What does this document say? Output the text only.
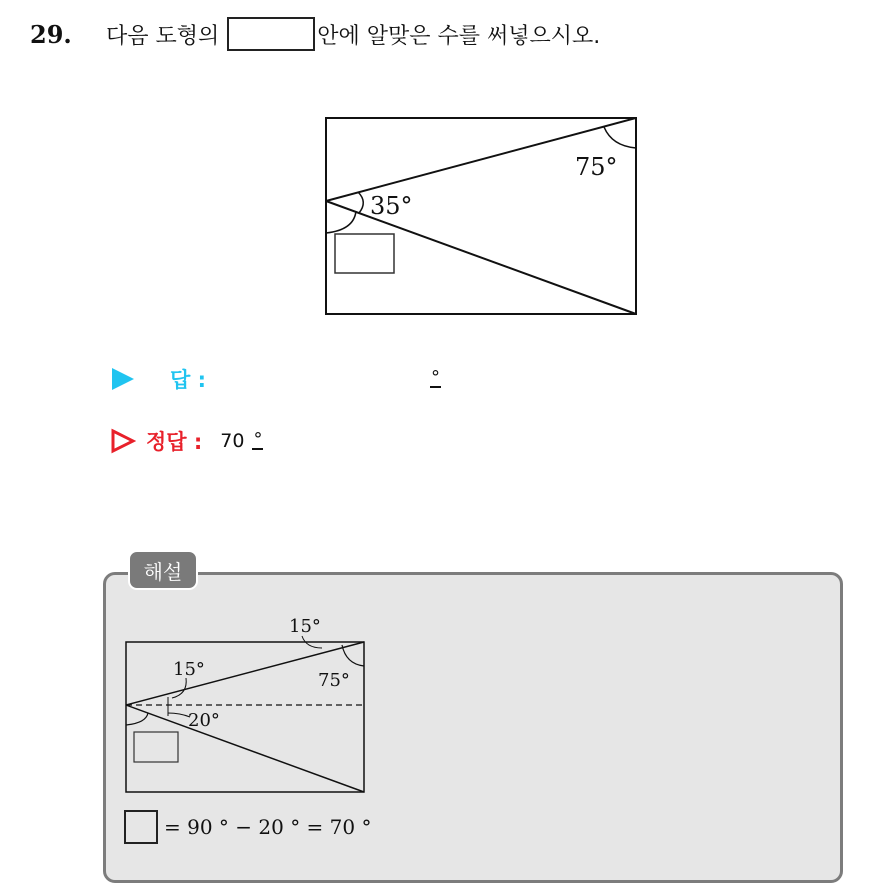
29.	다음 도형의	안에 알맞은 수를 써넣으시오.
75°
35°
답 :	°
정답 : 70 °
해설
15°
15°
75°
20°
= 90 ° − 20 ° = 70 °
